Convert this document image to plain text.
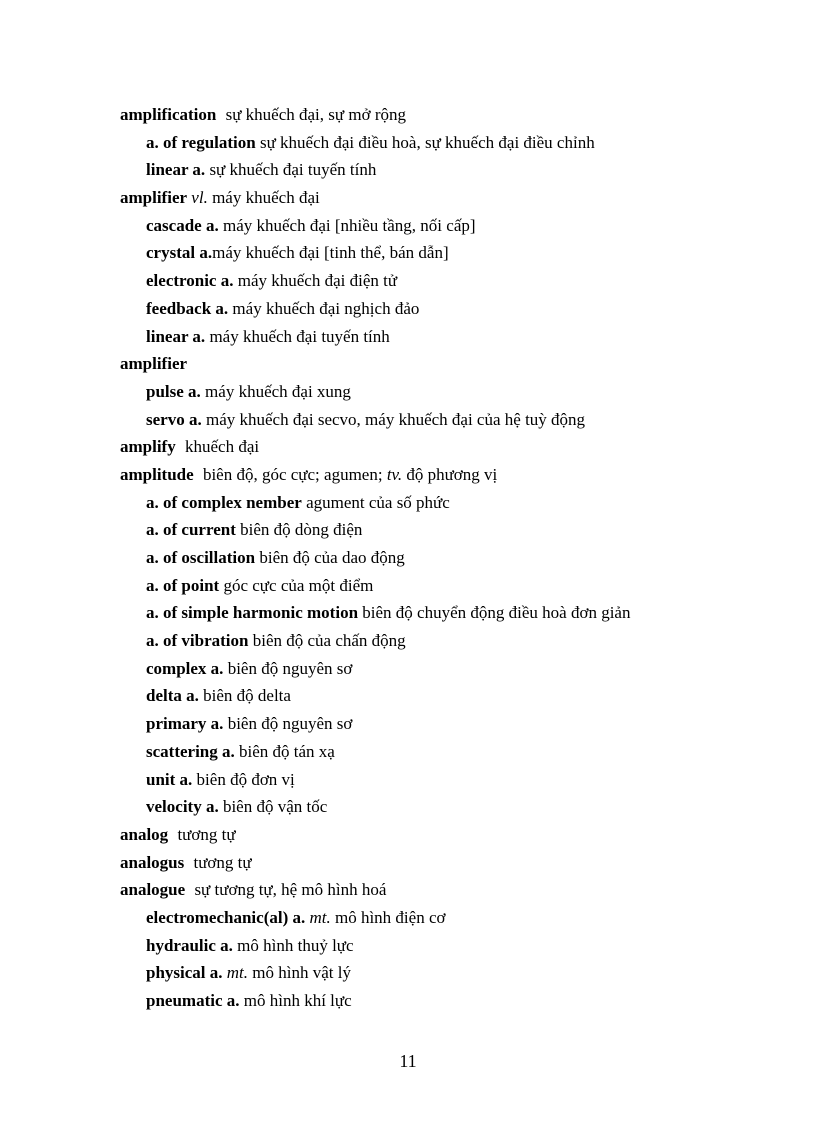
amplification sự khuếch đại, sự mở rộng
a. of regulation sự khuếch đại điều hoà, sự khuếch đại điều chỉnh
linear a. sự khuếch đại tuyến tính
amplifier vl. máy khuếch đại
cascade a. máy khuếch đại [nhiều tầng, nối cấp]
crystal a.máy khuếch đại [tinh thể, bán dẫn]
electronic a. máy khuếch đại điện tử
feedback a. máy khuếch đại nghịch đảo
linear a. máy khuếch đại tuyến tính
amplifier
pulse a. máy khuếch đại xung
servo a. máy khuếch đại secvo, máy khuếch đại của hệ tuỳ động
amplify khuếch đại
amplitude biên độ, góc cực; agumen; tv. độ phương vị
a. of complex nember agument của số phức
a. of current biên độ dòng điện
a. of oscillation biên độ của dao động
a. of point góc cực của một điểm
a. of simple harmonic motion biên độ chuyển động điều hoà đơn giản
a. of vibration biên độ của chấn động
complex a. biên độ nguyên sơ
delta a. biên độ delta
primary a. biên độ nguyên sơ
scattering a. biên độ tán xạ
unit a. biên độ đơn vị
velocity a. biên độ vận tốc
analog tương tự
analogus tương tự
analogue sự tương tự, hệ mô hình hoá
electromechanic(al) a. mt. mô hình điện cơ
hydraulic a. mô hình thuỷ lực
physical a. mt. mô hình vật lý
pneumatic a. mô hình khí lực
11
